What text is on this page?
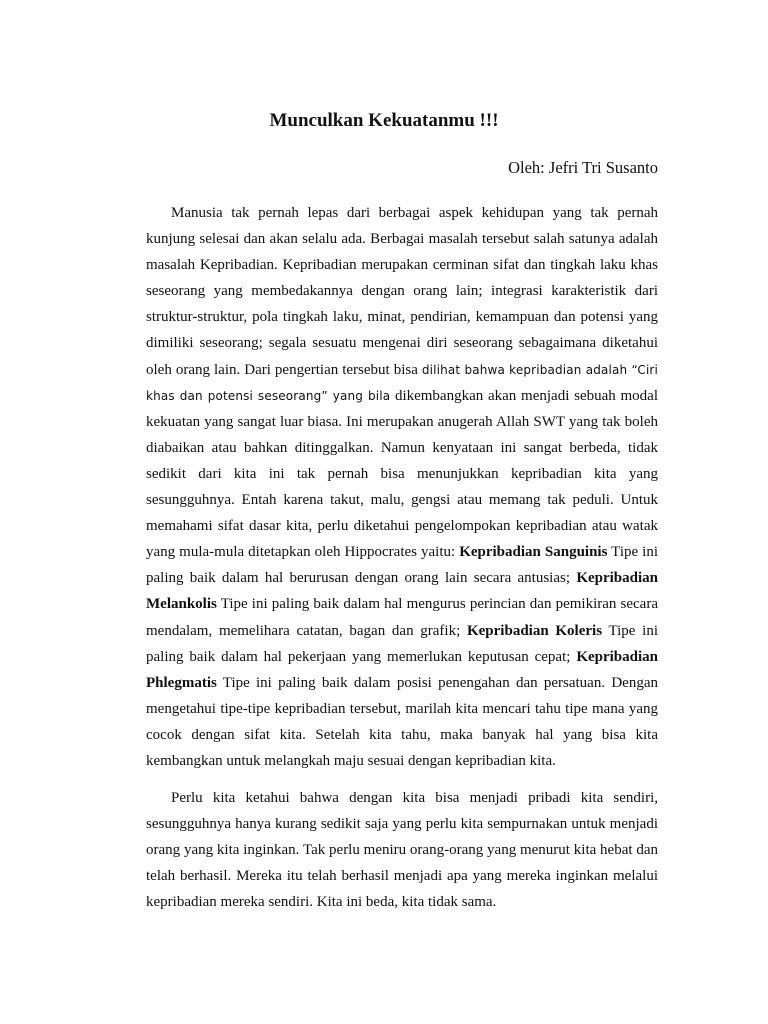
Munculkan Kekuatanmu !!!
Oleh: Jefri Tri Susanto

Manusia tak pernah lepas dari berbagai aspek kehidupan yang tak pernah kunjung selesai dan akan selalu ada. Berbagai masalah tersebut salah satunya adalah masalah Kepribadian. Kepribadian merupakan cerminan sifat dan tingkah laku khas seseorang yang membedakannya dengan orang lain; integrasi karakteristik dari struktur-struktur, pola tingkah laku, minat, pendirian, kemampuan dan potensi yang dimiliki seseorang; segala sesuatu mengenai diri seseorang sebagaimana diketahui oleh orang lain. Dari pengertian tersebut bisa dilihat bahwa kepribadian adalah “Ciri khas dan potensi seseorang” yang bila dikembangkan akan menjadi sebuah modal kekuatan yang sangat luar biasa. Ini merupakan anugerah Allah SWT yang tak boleh diabaikan atau bahkan ditinggalkan. Namun kenyataan ini sangat berbeda, tidak sedikit dari kita ini tak pernah bisa menunjukkan kepribadian kita yang sesungguhnya. Entah karena takut, malu, gengsi atau memang tak peduli. Untuk memahami sifat dasar kita, perlu diketahui pengelompokan kepribadian atau watak yang mula-mula ditetapkan oleh Hippocrates yaitu: Kepribadian Sanguinis Tipe ini paling baik dalam hal berurusan dengan orang lain secara antusias; Kepribadian Melankolis Tipe ini paling baik dalam hal mengurus perincian dan pemikiran secara mendalam, memelihara catatan, bagan dan grafik; Kepribadian Koleris Tipe ini paling baik dalam hal pekerjaan yang memerlukan keputusan cepat; Kepribadian Phlegmatis Tipe ini paling baik dalam posisi penengahan dan persatuan. Dengan mengetahui tipe-tipe kepribadian tersebut, marilah kita mencari tahu tipe mana yang cocok dengan sifat kita. Setelah kita tahu, maka banyak hal yang bisa kita kembangkan untuk melangkah maju sesuai dengan kepribadian kita.

Perlu kita ketahui bahwa dengan kita bisa menjadi pribadi kita sendiri, sesungguhnya hanya kurang sedikit saja yang perlu kita sempurnakan untuk menjadi orang yang kita inginkan. Tak perlu meniru orang-orang yang menurut kita hebat dan telah berhasil. Mereka itu telah berhasil menjadi apa yang mereka inginkan melalui kepribadian mereka sendiri. Kita ini beda, kita tidak sama.
